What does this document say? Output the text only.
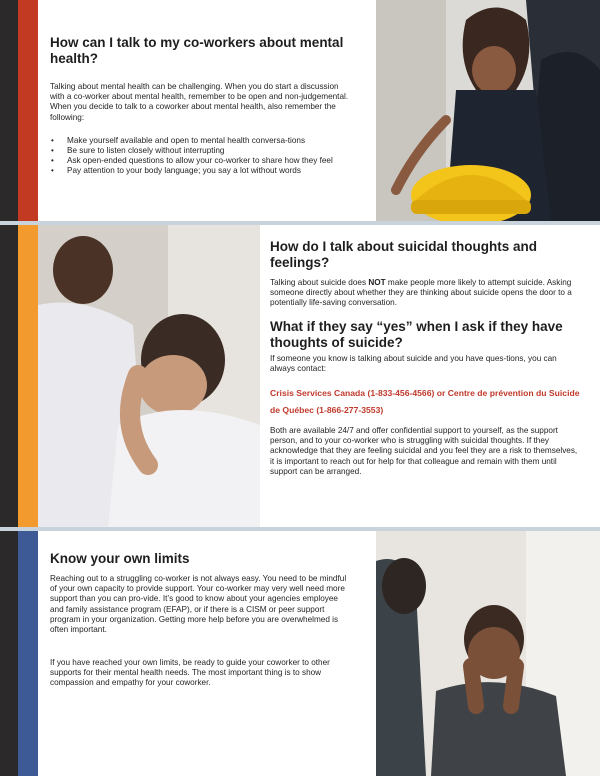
How can I talk to my co-workers about mental health?

Talking about mental health can be challenging. When you do start a discussion with a co-worker about mental health, remember to be open and non-judgemental. When you decide to talk to a coworker about mental health, also remember the following:

• Make yourself available and open to mental health conversa-tions
• Be sure to listen closely without interrupting
• Ask open-ended questions to allow your co-worker to share how they feel
• Pay attention to your body language; you say a lot without words
How do I talk about suicidal thoughts and feelings?

Talking about suicide does NOT make people more likely to attempt suicide. Asking someone directly about whether they are thinking about suicide opens the door to a potentially life-saving conversation.

What if they say “yes” when I ask if they have thoughts of suicide?

If someone you know is talking about suicide and you have ques-tions, you can always contact:

Crisis Services Canada (1-833-456-4566) or Centre de prévention du Suicide de Québec (1-866-277-3553)

Both are available 24/7 and offer confidential support to yourself, as the support person, and to your co-worker who is struggling with suicidal thoughts. If they acknowledge that they are feeling suicidal and you feel they are a risk to themselves, it is important to reach out for help for that colleague and remain with them until support can be arranged.

Know your own limits

Reaching out to a struggling co-worker is not always easy. You need to be mindful of your own capacity to provide support. Your co-worker may very well need more support than you can pro-vide. It’s good to know about your agencies employee and family assistance program (EFAP), or if there is a CISM or peer support program in your organization. Getting more help before you are overwhelmed is often important.

If you have reached your own limits, be ready to guide your coworker to other supports for their mental health needs. The most important thing is to show compassion and empathy for your coworker.
